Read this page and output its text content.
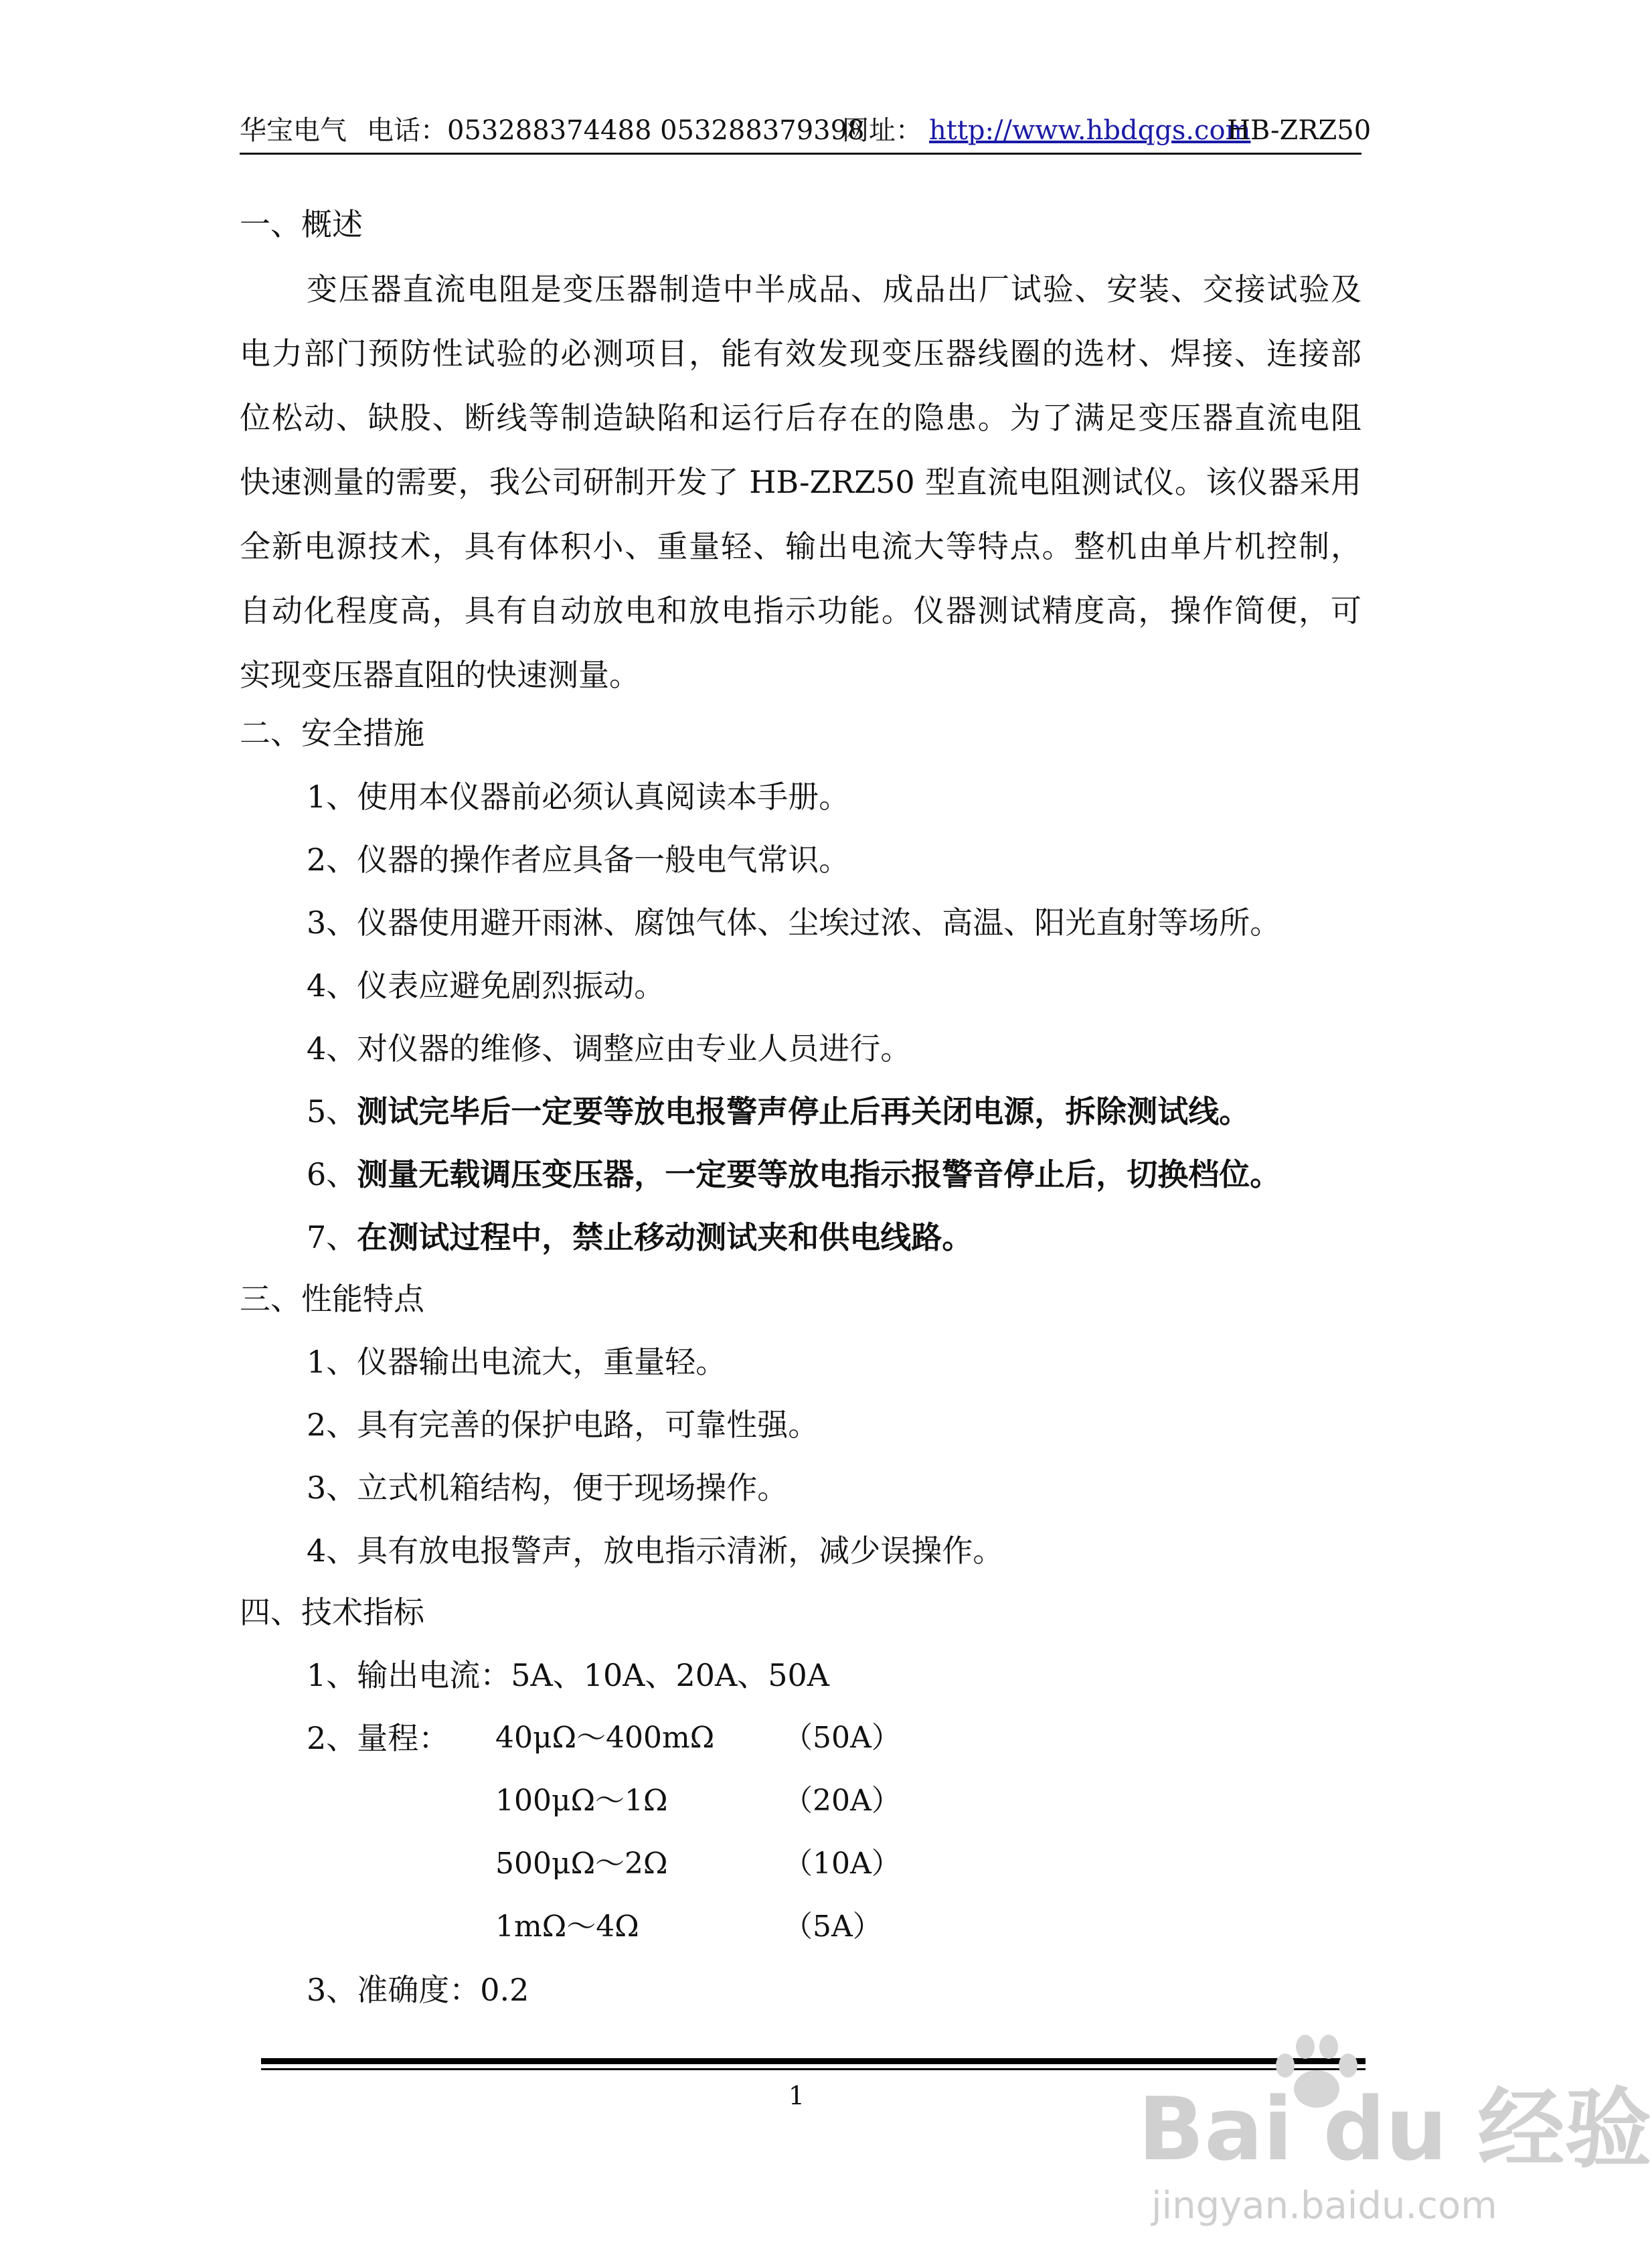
华宝电气 电话：053288374488 053288379398
网址： http://www.hbdqgs.com
HB-ZRZ50
一、概述
变压器直流电阻是变压器制造中半成品、成品出厂试验、安装、交接试验及
电力部门预防性试验的必测项目，能有效发现变压器线圈的选材、焊接、连接部
位松动、缺股、断线等制造缺陷和运行后存在的隐患。为了满足变压器直流电阻
快速测量的需要，我公司研制开发了 HB-ZRZ50 型直流电阻测试仪。该仪器采用
全新电源技术，具有体积小、重量轻、输出电流大等特点。整机由单片机控制，
自动化程度高，具有自动放电和放电指示功能。仪器测试精度高，操作简便，可
实现变压器直阻的快速测量。
二、安全措施
1、使用本仪器前必须认真阅读本手册。
2、仪器的操作者应具备一般电气常识。
3、仪器使用避开雨淋、腐蚀气体、尘埃过浓、高温、阳光直射等场所。
4、仪表应避免剧烈振动。
4、对仪器的维修、调整应由专业人员进行。
5、测试完毕后一定要等放电报警声停止后再关闭电源，拆除测试线。
6、测量无载调压变压器，一定要等放电指示报警音停止后，切换档位。
7、在测试过程中，禁止移动测试夹和供电线路。
三、性能特点
1、仪器输出电流大，重量轻。
2、具有完善的保护电路，可靠性强。
3、立式机箱结构，便于现场操作。
4、具有放电报警声，放电指示清淅，减少误操作。
四、技术指标
1、输出电流：5A、10A、20A、50A
2、量程： 40μΩ～400mΩ （50A）
100μΩ～1Ω	（20A）
500μΩ～2Ω	（10A）
1mΩ～4Ω	（5A）
3、准确度：0.2
1	Bai du 经验
jingyan.baidu.com
